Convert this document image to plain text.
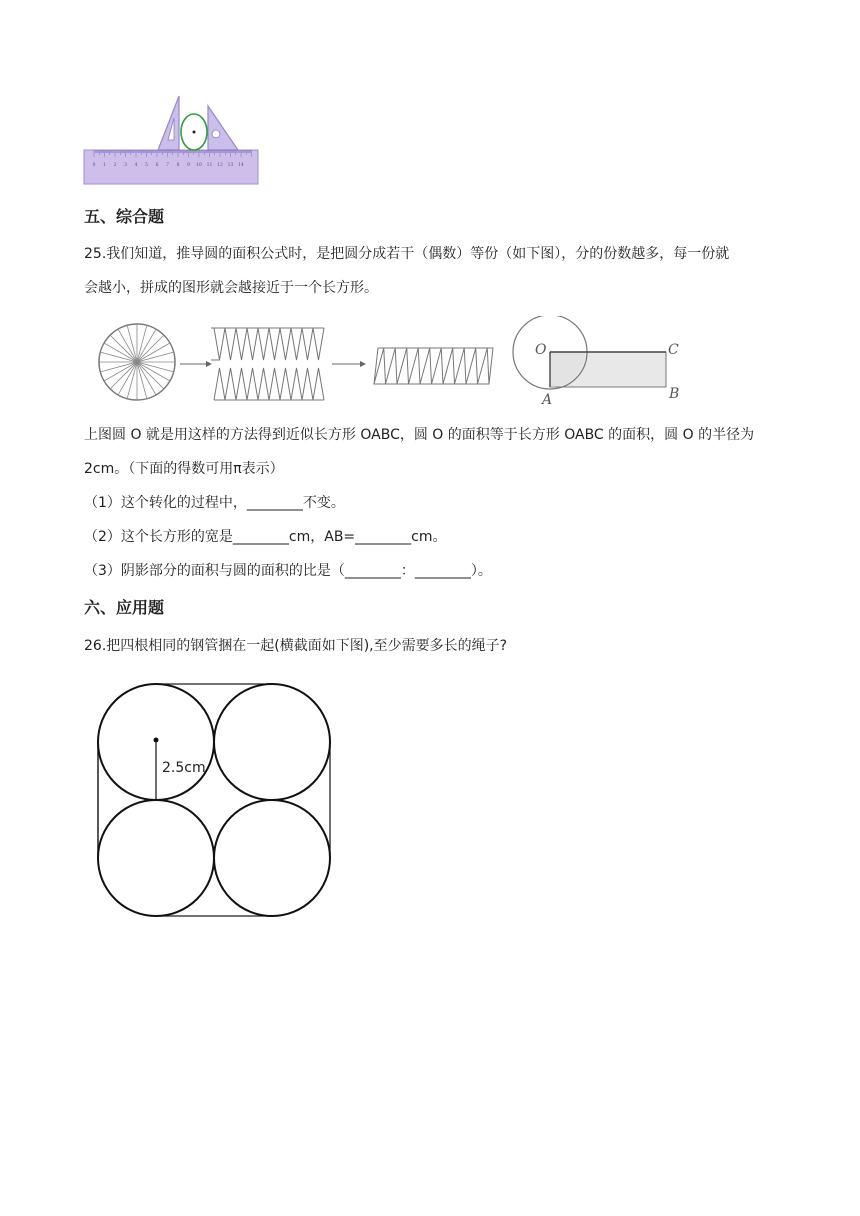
0 1 2 3 4 5 6 7 8 9 10 11 12 13 14
五、综合题
25.我们知道，推导圆的面积公式时，是把圆分成若干（偶数）等份（如下图），分的份数越多，每一份就
会越小，拼成的图形就会越接近于一个长方形。
O	C
A	B
上图圆 O 就是用这样的方法得到近似长方形 OABC，圆 O 的面积等于长方形 OABC 的面积，圆 O 的半径为
2cm。（下面的得数可用π表示）
（1）这个转化的过程中，________不变。
（2）这个长方形的宽是________cm，AB=________cm。
（3）阴影部分的面积与圆的面积的比是（________：________）。
六、应用题
26.把四根相同的钢管捆在一起(横截面如下图),至少需要多长的绳子?
2.5cm
